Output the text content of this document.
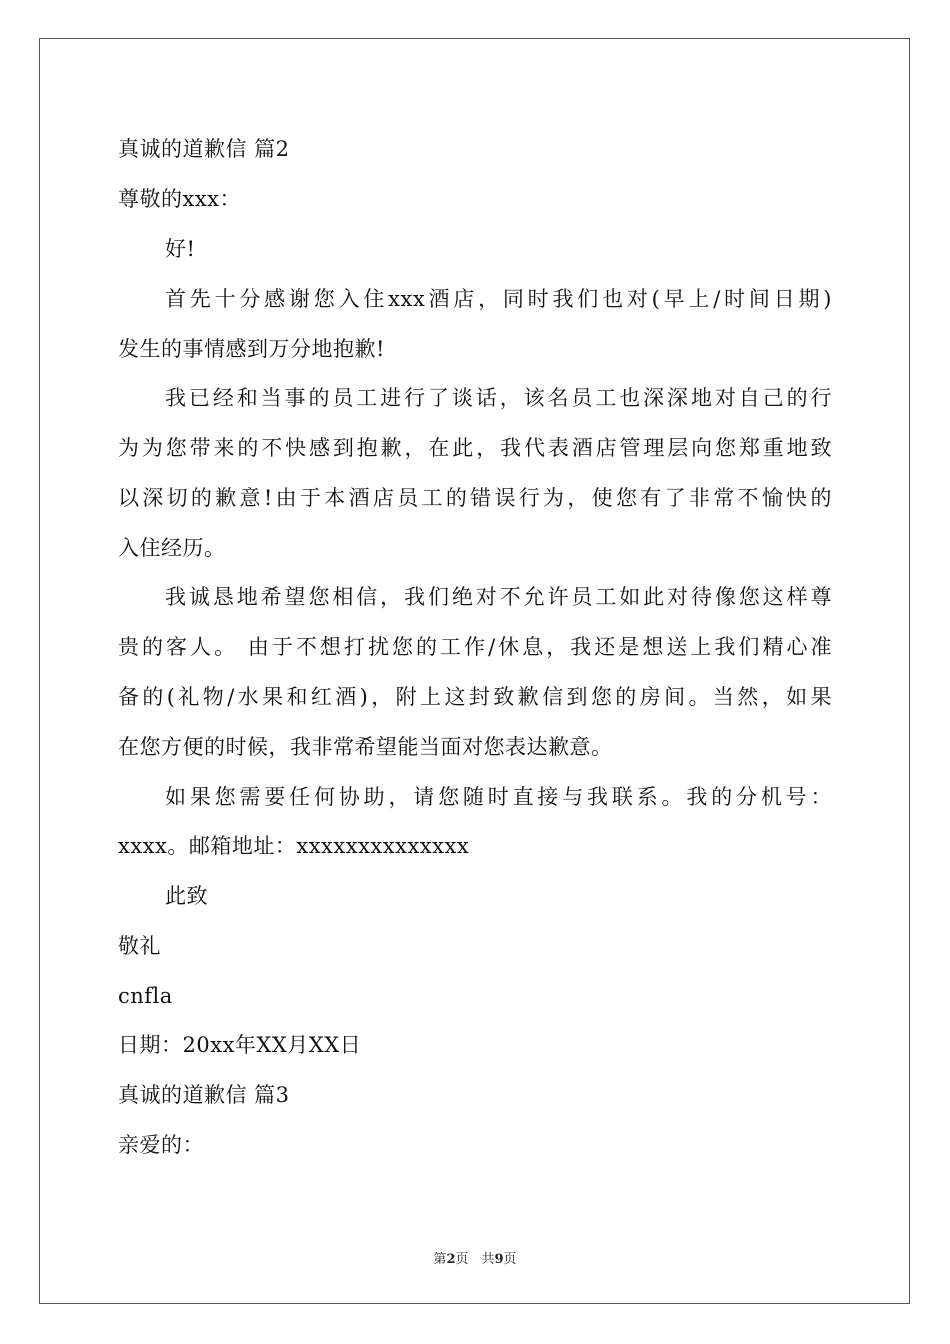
真诚的道歉信 篇2
尊敬的xxx：
好!
首先十分感谢您入住xxx酒店，同时我们也对(早上/时间日期)
发生的事情感到万分地抱歉!
我已经和当事的员工进行了谈话，该名员工也深深地对自己的行
为为您带来的不快感到抱歉，在此，我代表酒店管理层向您郑重地致
以深切的歉意!由于本酒店员工的错误行为，使您有了非常不愉快的
入住经历。
我诚恳地希望您相信，我们绝对不允许员工如此对待像您这样尊
贵的客人。 由于不想打扰您的工作/休息，我还是想送上我们精心准
备的(礼物/水果和红酒)，附上这封致歉信到您的房间。当然，如果
在您方便的时候，我非常希望能当面对您表达歉意。
如果您需要任何协助，请您随时直接与我联系。我的分机号：
xxxx。邮箱地址：xxxxxxxxxxxxxx
此致
敬礼
cnfla
日期：20xx年XX月XX日
真诚的道歉信 篇3
亲爱的：
第2页　共9页
